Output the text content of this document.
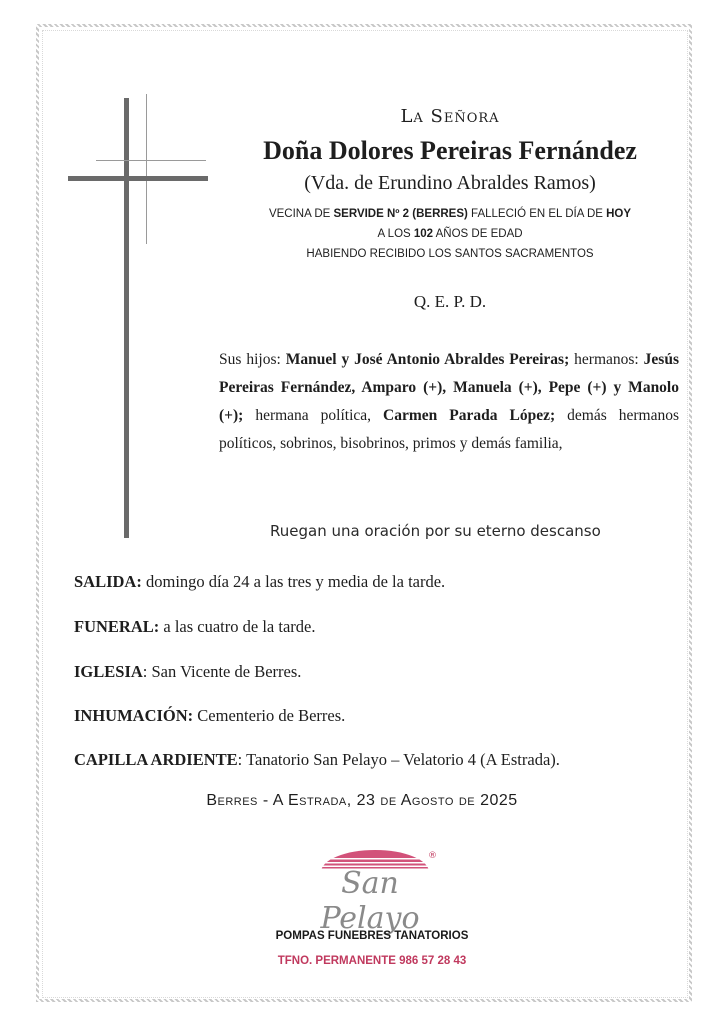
La Señora
Doña Dolores Pereiras Fernández
(Vda. de Erundino Abraldes Ramos)
VECINA DE SERVIDE Nº 2 (BERRES) FALLECIÓ EN EL DÍA DE HOY
A LOS 102 AÑOS DE EDAD
HABIENDO RECIBIDO LOS SANTOS SACRAMENTOS
Q. E. P. D.
Sus hijos: Manuel y José Antonio Abraldes Pereiras; hermanos: Jesús Pereiras Fernández, Amparo (+), Manuela (+), Pepe (+) y Manolo (+); hermana política, Carmen Parada López; demás hermanos políticos, sobrinos, bisobrinos, primos y demás familia,
Ruegan una oración por su eterno descanso
SALIDA: domingo día 24 a las tres y media de la tarde.
FUNERAL: a las cuatro de la tarde.
IGLESIA: San Vicente de Berres.
INHUMACIÓN: Cementerio de Berres.
CAPILLA ARDIENTE: Tanatorio San Pelayo – Velatorio 4 (A Estrada).
Berres - A Estrada, 23 de Agosto de 2025
®
San Pelayo
POMPAS FUNEBRES TANATORIOS
TFNO. PERMANENTE 986 57 28 43
